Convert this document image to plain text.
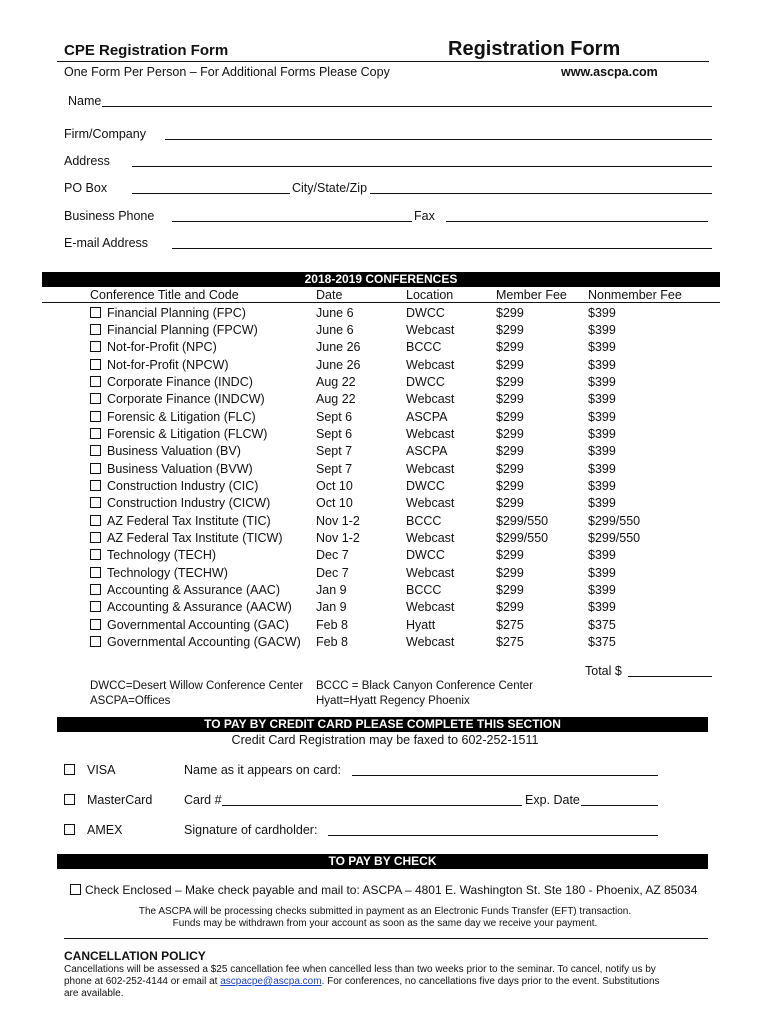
CPE Registration Form	Registration Form
One Form Per Person – For Additional Forms Please Copy	www.ascpa.com
Name
Firm/Company
Address
PO Box	City/State/Zip
Business Phone	Fax
E-mail Address
2018-2019 CONFERENCES
Conference Title and Code	Date	Location	Member Fee Nonmember Fee
Financial Planning (FPC)	June 6	DWCC	$299	$399
Financial Planning (FPCW)	June 6	Webcast	$299	$399
Not-for-Profit (NPC)	June 26	BCCC	$299	$399
Not-for-Profit (NPCW)	June 26	Webcast	$299	$399
Corporate Finance (INDC)	Aug 22	DWCC	$299	$399
Corporate Finance (INDCW)	Aug 22	Webcast	$299	$399
Forensic & Litigation (FLC)	Sept 6	ASCPA	$299	$399
Forensic & Litigation (FLCW)	Sept 6	Webcast	$299	$399
Business Valuation (BV)	Sept 7	ASCPA	$299	$399
Business Valuation (BVW)	Sept 7	Webcast	$299	$399
Construction Industry (CIC)	Oct 10	DWCC	$299	$399
Construction Industry (CICW)	Oct 10	Webcast	$299	$399
AZ Federal Tax Institute (TIC)	Nov 1-2	BCCC	$299/550	$299/550
AZ Federal Tax Institute (TICW)	Nov 1-2	Webcast	$299/550	$299/550
Technology (TECH)	Dec 7	DWCC	$299	$399
Technology (TECHW)	Dec 7	Webcast	$299	$399
Accounting & Assurance (AAC)	Jan 9	BCCC	$299	$399
Accounting & Assurance (AACW) Jan 9	Webcast	$299	$399
Governmental Accounting (GAC) Feb 8	Hyatt	$275	$375
Governmental Accounting (GACW) Feb 8	Webcast	$275	$375
Total $
DWCC=Desert Willow Conference Center
ASCPA=Offices
BCCC = Black Canyon Conference Center
Hyatt=Hyatt Regency Phoenix
TO PAY BY CREDIT CARD PLEASE COMPLETE THIS SECTION
Credit Card Registration may be faxed to 602-252-1511
VISA	Name as it appears on card:
MasterCard	Card #	Exp. Date
AMEX	Signature of cardholder:
TO PAY BY CHECK
Check Enclosed – Make check payable and mail to: ASCPA – 4801 E. Washington St. Ste 180 - Phoenix, AZ 85034
The ASCPA will be processing checks submitted in payment as an Electronic Funds Transfer (EFT) transaction.
Funds may be withdrawn from your account as soon as the same day we receive your payment.
CANCELLATION POLICY
Cancellations will be assessed a $25 cancellation fee when cancelled less than two weeks prior to the seminar. To cancel, notify us by phone at 602-252-4144 or email at ascpacpe@ascpa.com. For conferences, no cancellations five days prior to the event. Substitutions are available.
